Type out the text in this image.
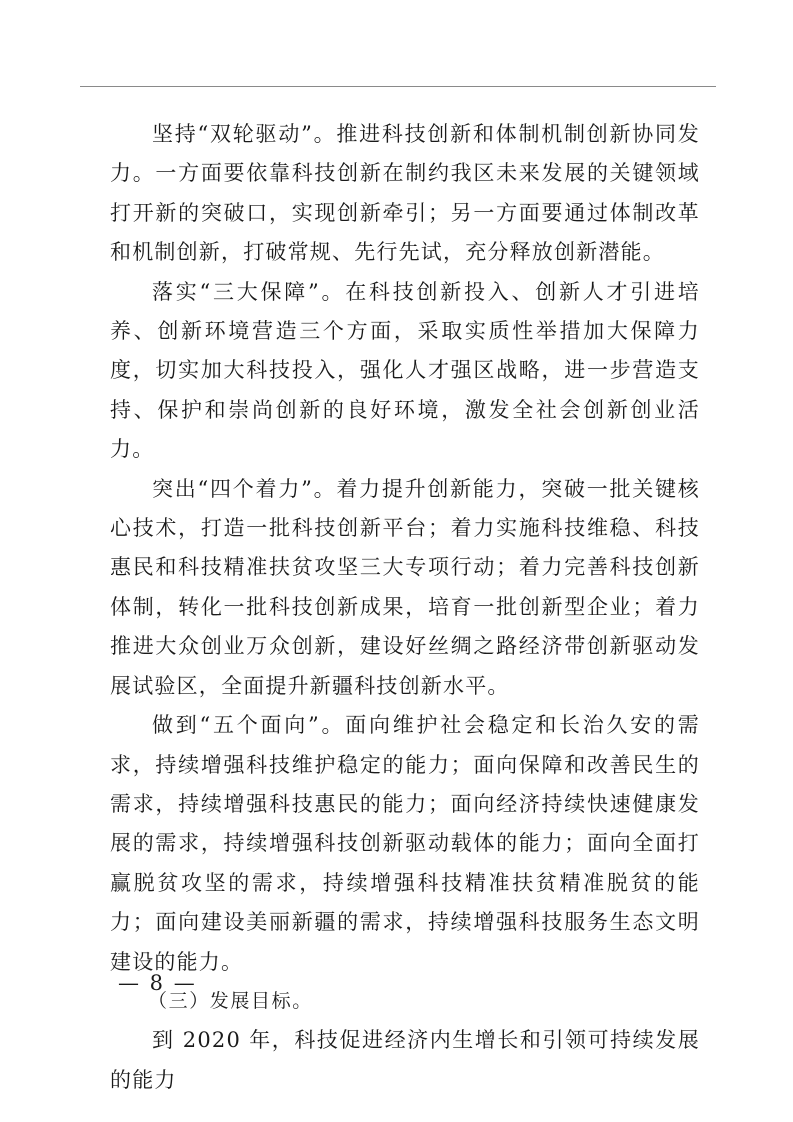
坚持“双轮驱动”。推进科技创新和体制机制创新协同发力。一方面要依靠科技创新在制约我区未来发展的关键领域打开新的突破口，实现创新牵引；另一方面要通过体制改革和机制创新，打破常规、先行先试，充分释放创新潜能。

落实“三大保障”。在科技创新投入、创新人才引进培养、创新环境营造三个方面，采取实质性举措加大保障力度，切实加大科技投入，强化人才强区战略，进一步营造支持、保护和崇尚创新的良好环境，激发全社会创新创业活力。

突出“四个着力”。着力提升创新能力，突破一批关键核心技术，打造一批科技创新平台；着力实施科技维稳、科技惠民和科技精准扶贫攻坚三大专项行动；着力完善科技创新体制，转化一批科技创新成果，培育一批创新型企业；着力推进大众创业万众创新，建设好丝绸之路经济带创新驱动发展试验区，全面提升新疆科技创新水平。

做到“五个面向”。面向维护社会稳定和长治久安的需求，持续增强科技维护稳定的能力；面向保障和改善民生的需求，持续增强科技惠民的能力；面向经济持续快速健康发展的需求，持续增强科技创新驱动载体的能力；面向全面打赢脱贫攻坚的需求，持续增强科技精准扶贫精准脱贫的能力；面向建设美丽新疆的需求，持续增强科技服务生态文明建设的能力。

（三）发展目标。

到 2020 年，科技促进经济内生增长和引领可持续发展的能力

— 8 —
